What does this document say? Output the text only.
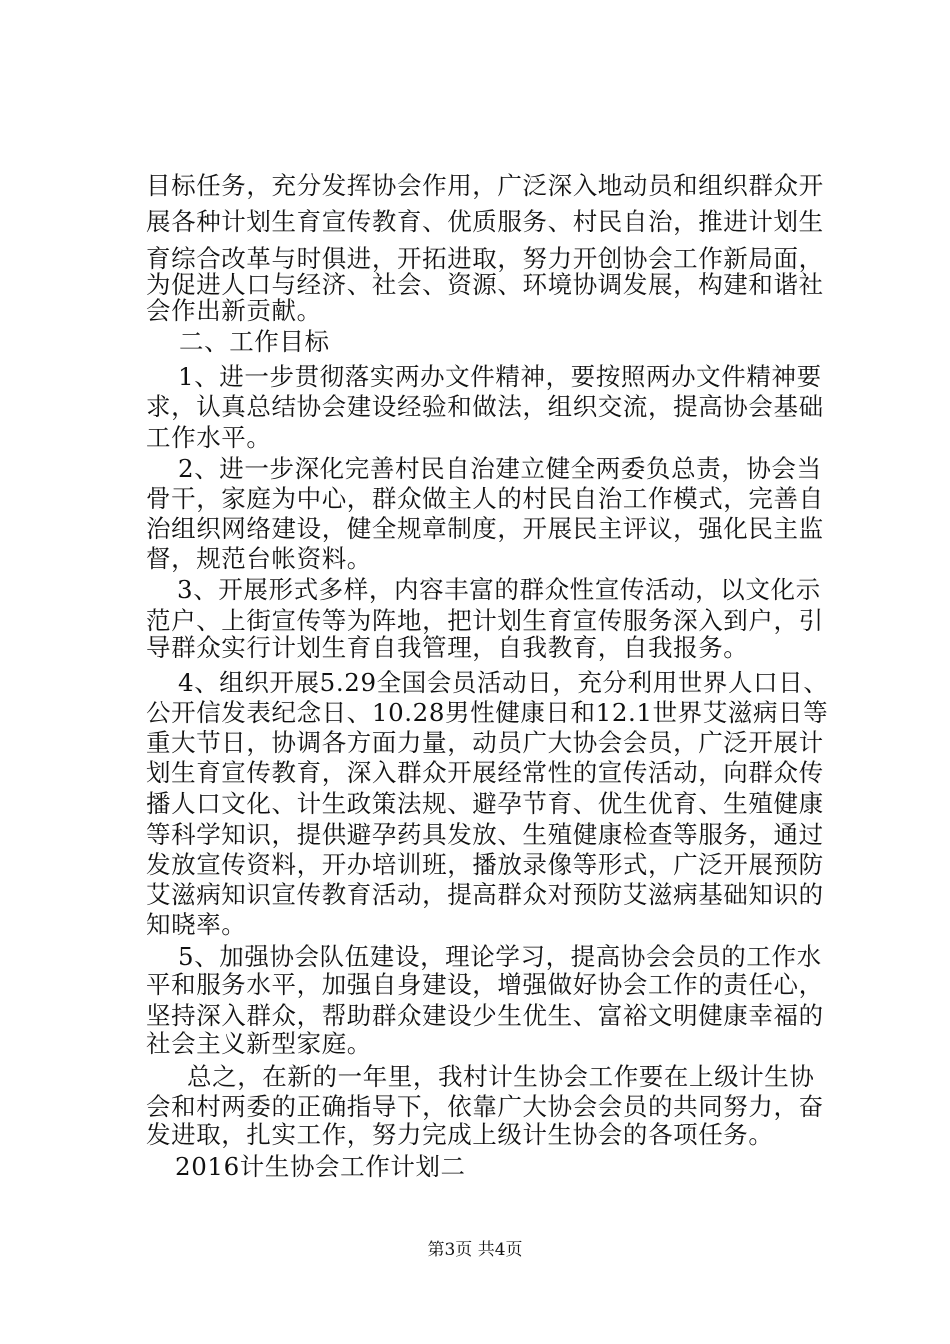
目标任务，充分发挥协会作用，广泛深入地动员和组织群众开
展各种计划生育宣传教育、优质服务、村民自治，推进计划生
育综合改革与时俱进，开拓进取，努力开创协会工作新局面，
为促进人口与经济、社会、资源、环境协调发展，构建和谐社
会作出新贡献。
二、工作目标
1、进一步贯彻落实两办文件精神，要按照两办文件精神要
求，认真总结协会建设经验和做法，组织交流，提高协会基础
工作水平。
2、进一步深化完善村民自治建立健全两委负总责，协会当
骨干，家庭为中心，群众做主人的村民自治工作模式，完善自
治组织网络建设，健全规章制度，开展民主评议，强化民主监
督，规范台帐资料。
3、开展形式多样，内容丰富的群众性宣传活动，以文化示
范户、上街宣传等为阵地，把计划生育宣传服务深入到户，引
导群众实行计划生育自我管理，自我教育，自我报务。
4、组织开展5.29全国会员活动日，充分利用世界人口日、
公开信发表纪念日、10.28男性健康日和12.1世界艾滋病日等
重大节日，协调各方面力量，动员广大协会会员，广泛开展计
划生育宣传教育，深入群众开展经常性的宣传活动，向群众传
播人口文化、计生政策法规、避孕节育、优生优育、生殖健康
等科学知识，提供避孕药具发放、生殖健康检查等服务，通过
发放宣传资料，开办培训班，播放录像等形式，广泛开展预防
艾滋病知识宣传教育活动，提高群众对预防艾滋病基础知识的
知晓率。
5、加强协会队伍建设，理论学习，提高协会会员的工作水
平和服务水平，加强自身建设，增强做好协会工作的责任心，
坚持深入群众，帮助群众建设少生优生、富裕文明健康幸福的
社会主义新型家庭。
总之，在新的一年里，我村计生协会工作要在上级计生协
会和村两委的正确指导下，依靠广大协会会员的共同努力，奋
发进取，扎实工作，努力完成上级计生协会的各项任务。
2016计生协会工作计划二
第3页 共4页
